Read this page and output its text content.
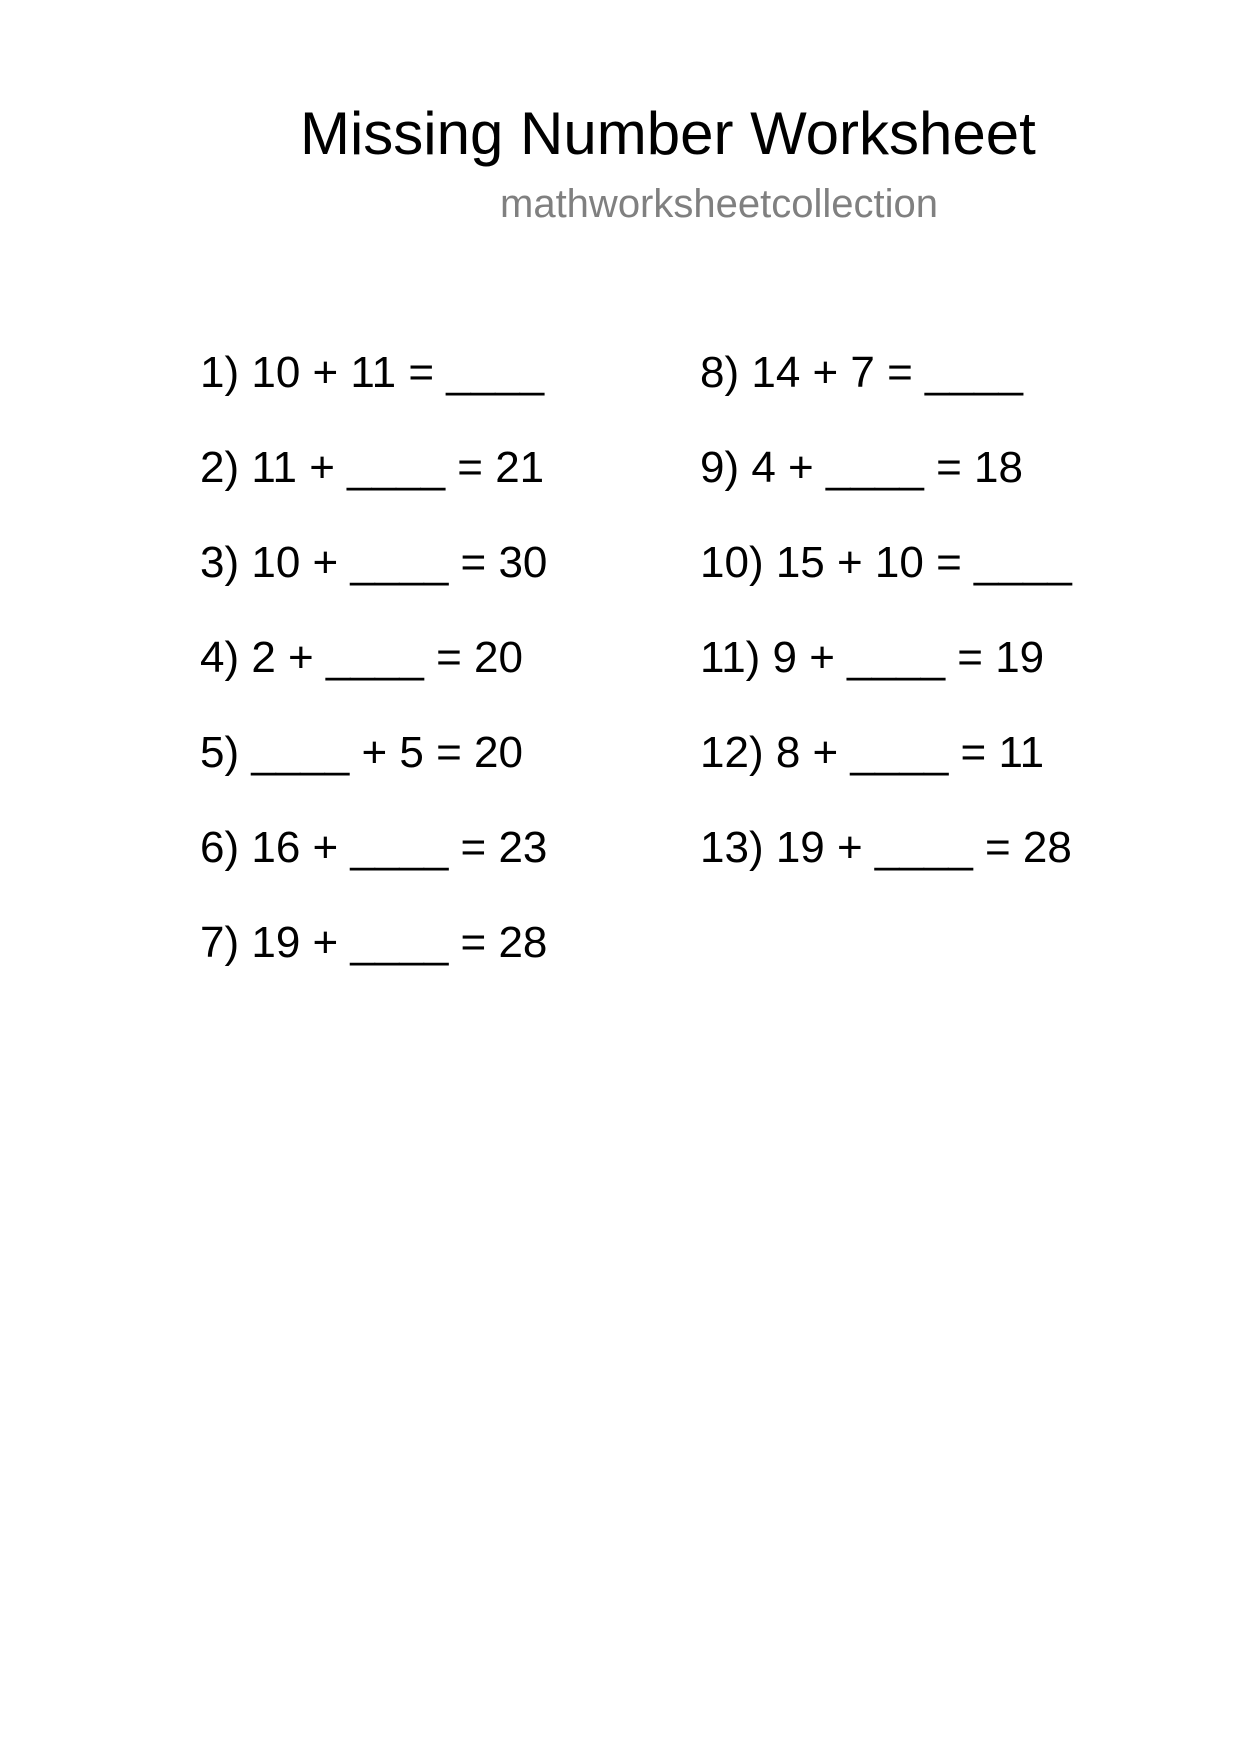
Missing Number Worksheet
mathworksheetcollection
1) 10 + 11 = ____
2) 11 + ____ = 21
3) 10 + ____ = 30
4) 2 + ____ = 20
5) ____ + 5 = 20
6) 16 + ____ = 23
7) 19 + ____ = 28
8) 14 + 7 = ____
9) 4 + ____ = 18
10) 15 + 10 = ____
11) 9 + ____ = 19
12) 8 + ____ = 11
13) 19 + ____ = 28
